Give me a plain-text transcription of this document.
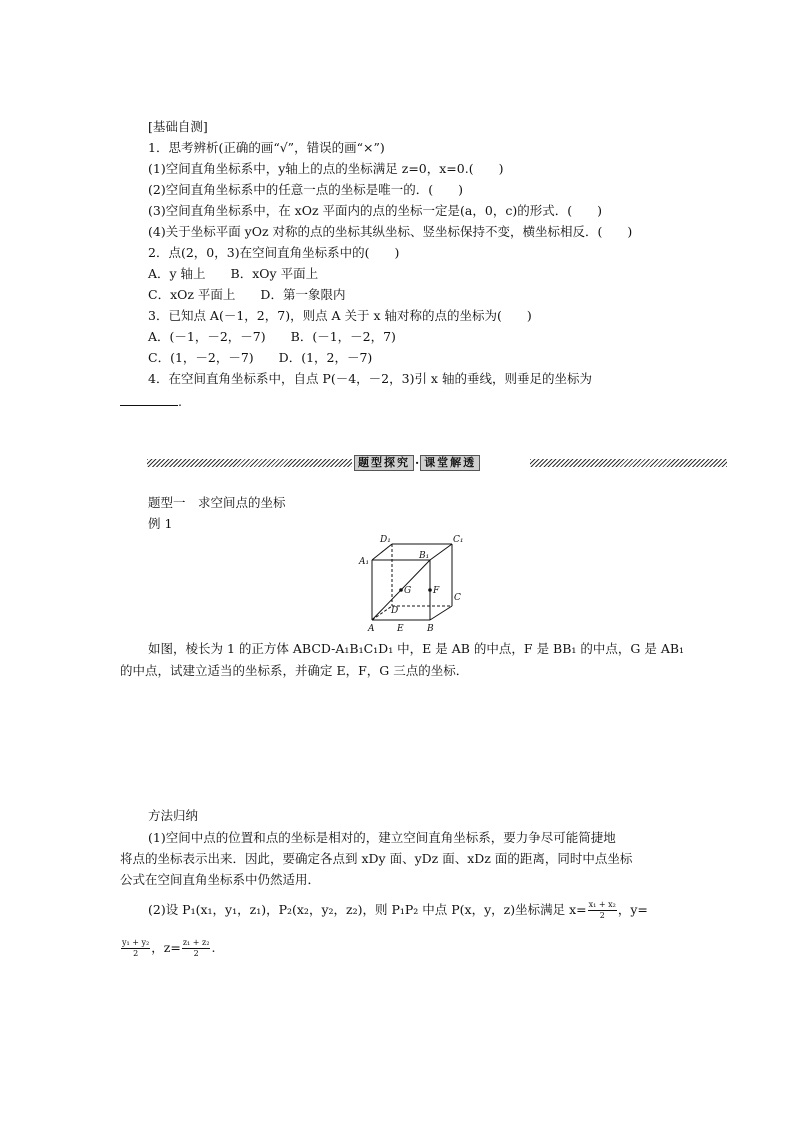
[基础自测]
1．思考辨析(正确的画“√”，错误的画“×”)
(1)空间直角坐标系中，y轴上的点的坐标满足 z=0，x=0.(　　)
(2)空间直角坐标系中的任意一点的坐标是唯一的．(　　)
(3)空间直角坐标系中，在 xOz 平面内的点的坐标一定是(a，0，c)的形式．(　　)
(4)关于坐标平面 yOz 对称的点的坐标其纵坐标、竖坐标保持不变，横坐标相反．(　　)
2．点(2，0，3)在空间直角坐标系中的(　　)
A．y 轴上　　B．xOy 平面上
C．xOz 平面上　　D．第一象限内
3．已知点 A(－1，2，7)，则点 A 关于 x 轴对称的点的坐标为(　　)
A．(－1，－2，－7)　　B．(－1，－2，7)
C．(1，－2，－7)　　D．(1，2，－7)
4．在空间直角坐标系中，自点 P(－4，－2，3)引 x 轴的垂线，则垂足的坐标为
.
题型探究 · 课堂解透
题型一　求空间点的坐标
例 1
D₁	C₁
A₁
B₁
G F
C
D
A	E	B
如图，棱长为 1 的正方体 ABCD-A₁B₁C₁D₁ 中，E 是 AB 的中点，F 是 BB₁ 的中点，G 是 AB₁
的中点，试建立适当的坐标系，并确定 E，F，G 三点的坐标．
方法归纳
(1)空间中点的位置和点的坐标是相对的，建立空间直角坐标系，要力争尽可能简捷地
将点的坐标表示出来．因此，要确定各点到 xDy 面、yDz 面、xDz 面的距离，同时中点坐标
公式在空间直角坐标系中仍然适用．
(2)设 P₁(x₁，y₁，z₁)，P₂(x₂，y₂，z₂)，则 P₁P₂ 中点 P(x，y，z)坐标满足 $x= \frac{\text{x₁ + x₂}}{2}$ ，y=
$\frac{\text{y₁ + y₂}}{2}$ ，$z= \frac{\text{z₁ + z₂}}{2}$ .
